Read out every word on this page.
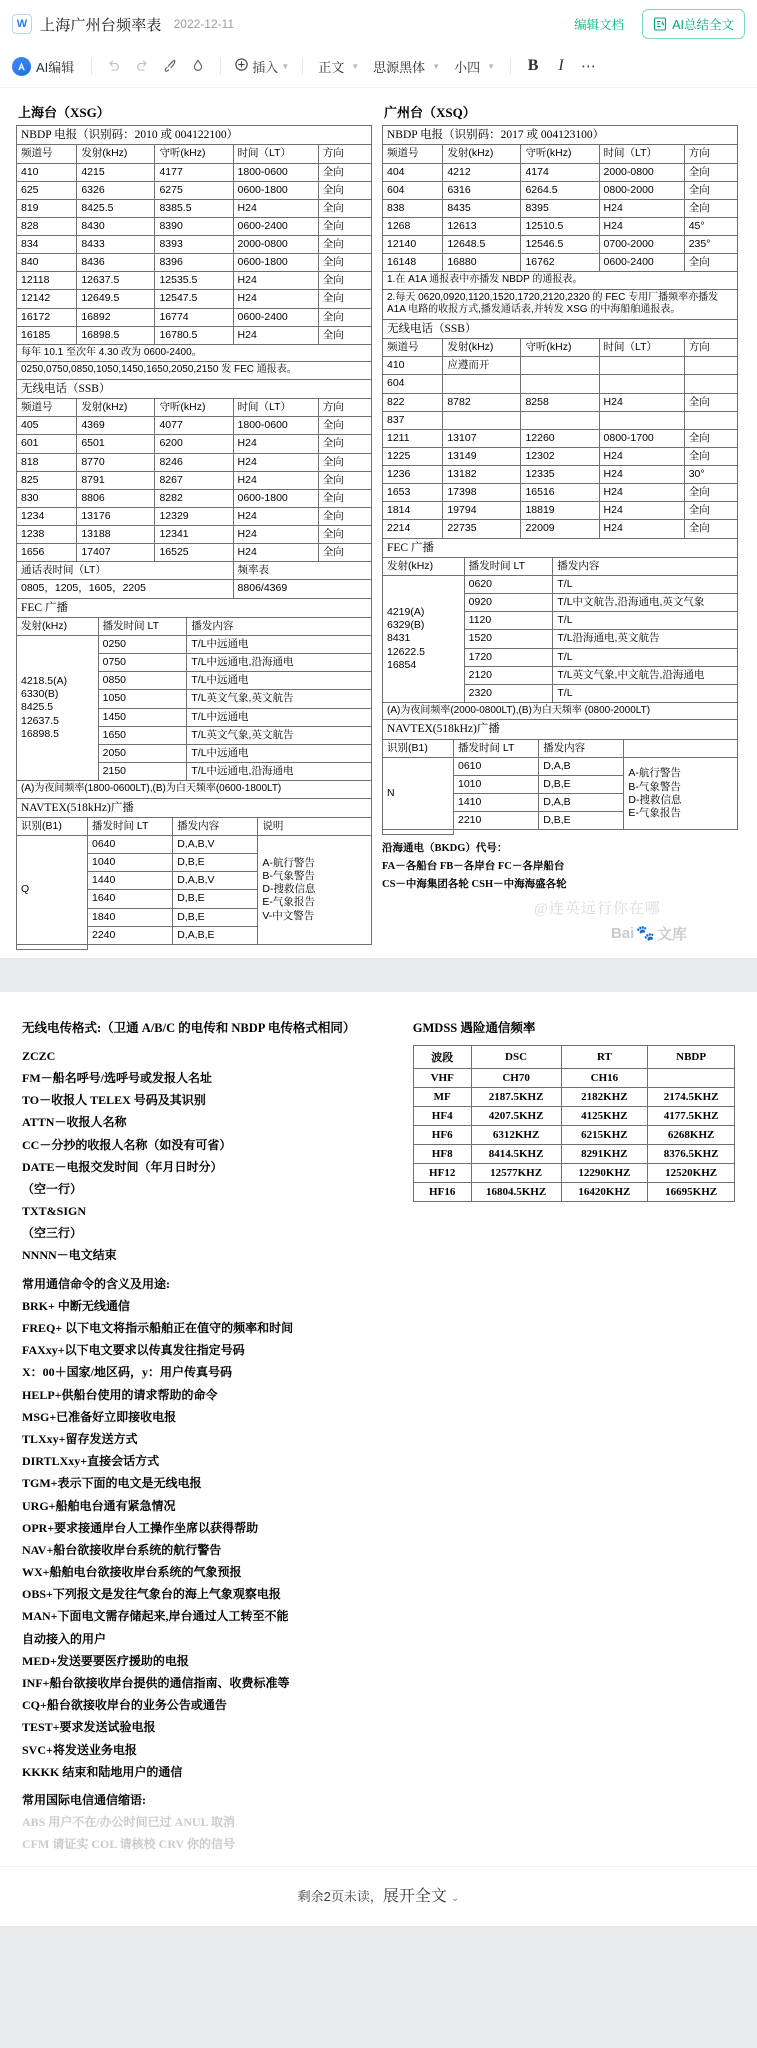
W 上海广州台频率表 2022-12-11	编辑文档	AI总结全文
AI编辑	插入 ▼ 正文 ▼ 思源黑体 ▼ 小四 ▼	B	I	⋯
上海台（XSG）
NBDP 电报（识别码：2010 或 004122100）				
频道号	发射(kHz)	守听(kHz)	时间（LT）	方向
410	4215	4177	1800-0600	全向
625	6326	6275	0600-1800	全向
819	8425.5	8385.5	H24	全向
828	8430	8390	0600-2400	全向
834	8433	8393	2000-0800	全向
840	8436	8396	0600-1800	全向
12118	12637.5	12535.5	H24	全向
12142	12649.5	12547.5	H24	全向
16172	16892	16774	0600-2400	全向
16185	16898.5	16780.5	H24	全向
每年 10.1 至次年 4.30 改为 0600-2400。				
0250,0750,0850,1050,1450,1650,2050,2150 发 FEC 通报表。				
无线电话（SSB）				
频道号	发射(kHz)	守听(kHz)	时间（LT）	方向
405	4369	4077	1800-0600	全向
601	6501	6200	H24	全向
818	8770	8246	H24	全向
825	8791	8267	H24	全向
830	8806	8282	0600-1800	全向
1234	13176	12329	H24	全向
1238	13188	12341	H24	全向
1656	17407	16525	H24	全向
通话表时间（LT）	频率表
0805，1205，1605，2205	8806/4369
FEC 广播		
发射(kHz)	播发时间 LT	播发内容
4218.5(A)
6330(B)
8425.5
12637.5
16898.5	0250	T/L中远通电
	0750	T/L中远通电,沿海通电
	0850	T/L中远通电
	1050	T/L英文气象,英文航告
	1450	T/L中远通电
	1650	T/L英文气象,英文航告
	2050	T/L中远通电
	2150	T/L中远通电,沿海通电
(A)为夜间频率(1800-0600LT),(B)为白天频率(0600-1800LT)		
NAVTEX(518kHz)广播			
识别(B1)	播发时间 LT	播发内容	说明
Q	0640	D,A,B,V	A-航行警告
B-气象警告
D-搜救信息
E-气象报告
V-中文警告
	1040	D,B,E	
	1440	D,A,B,V	
	1640	D,B,E	
	1840	D,B,E	
	2240	D,A,B,E	

广州台（XSQ）
NBDP 电报（识别码：2017 或 004123100）				
频道号	发射(kHz)	守听(kHz)	时间（LT）	方向
404	4212	4174	2000-0800	全向
604	6316	6264.5	0800-2000	全向
838	8435	8395	H24	全向
1268	12613	12510.5	H24	45°
12140	12648.5	12546.5	0700-2000	235°
16148	16880	16762	0600-2400	全向
1.在 A1A 通报表中亦播发 NBDP 的通报表。				
2.每天 0620,0920,1120,1520,1720,2120,2320 的 FEC 专用厂播频率亦播发 A1A 电路的收报方式,播发通话表,并转发 XSG 的中海船舶通报表。				
无线电话（SSB）				
频道号	发射(kHz)	守听(kHz)	时间（LT）	方向
410	应遵而开			
604				
822	8782	8258	H24	全向
837				
1211	13107	12260	0800-1700	全向
1225	13149	12302	H24	全向
1236	13182	12335	H24	30°
1653	17398	16516	H24	全向
1814	19794	18819	H24	全向
2214	22735	22009	H24	全向
FEC 广播		
发射(kHz)	播发时间 LT	播发内容
4219(A)
6329(B)
8431
12622.5
16854	0620	T/L
	0920	T/L中文航告,沿海通电,英文气象
	1120	T/L
	1520	T/L沿海通电,英文航告
	1720	T/L
	2120	T/L英文气象,中文航告,沿海通电
	2320	T/L
(A)为夜间频率(2000-0800LT),(B)为白天频率 (0800-2000LT)		
NAVTEX(518kHz)广播			
识别(B1)	播发时间 LT	播发内容	
N	0610	D,A,B	A-航行警告
B-气象警告
D-搜救信息
E-气象报告
	1010	D,B,E	
	1410	D,A,B	
	2210	D,B,E	

沿海通电（BKDG）代号：
FA－各船台 FB－各岸台 FC－各岸船台
CS－中海集团各轮 CSH－中海海盛各轮
@连英远行你在哪
Bai 🐾 文库
无线电传格式:（卫通 A/B/C 的电传和 NBDP 电传格式相同）
ZCZC
FM－船名呼号/选呼号或发报人名址
TO－收报人 TELEX 号码及其识别
ATTN－收报人名称
CC－分抄的收报人名称（如没有可省）
DATE－电报交发时间（年月日时分）
（空一行）
TXT&SIGN
（空三行）
NNNN－电文结束
常用通信命令的含义及用途:
BRK+ 中断无线通信
FREQ+ 以下电文将指示船舶正在值守的频率和时间
FAXxy+以下电文要求以传真发往指定号码
X：00＋国家/地区码，y：用户传真号码
HELP+供船台使用的请求帮助的命令
MSG+已准备好立即接收电报
TLXxy+留存发送方式
DIRTLXxy+直接会话方式
TGM+表示下面的电文是无线电报
URG+船舶电台通有紧急情况
OPR+要求接通岸台人工操作坐席以获得帮助
NAV+船台欲接收岸台系统的航行警告
WX+船舶电台欲接收岸台系统的气象预报
OBS+下列报文是发往气象台的海上气象观察电报
MAN+下面电文需存储起来,岸台通过人工转至不能
自动接入的用户
MED+发送要要医疗援助的电报
INF+船台欲接收岸台提供的通信指南、收费标准等
CQ+船台欲接收岸台的业务公告或通告
TEST+要求发送试验电报
SVC+将发送业务电报
KKKK 结束和陆地用户的通信
常用国际电信通信缩语:
ABS 用户不在/办公时间已过 ANUL 取消
CFM 请证实 COL 请核校 CRV 你的信号
GMDSS 遇险通信频率
波段	DSC	RT	NBDP
VHF	CH70	CH16	
MF	2187.5KHZ	2182KHZ	2174.5KHZ
HF4	4207.5KHZ	4125KHZ	4177.5KHZ
HF6	6312KHZ	6215KHZ	6268KHZ
HF8	8414.5KHZ	8291KHZ	8376.5KHZ
HF12	12577KHZ	12290KHZ	12520KHZ
HF16	16804.5KHZ	16420KHZ	16695KHZ
剩余2页未读，展开全文 ⌄
